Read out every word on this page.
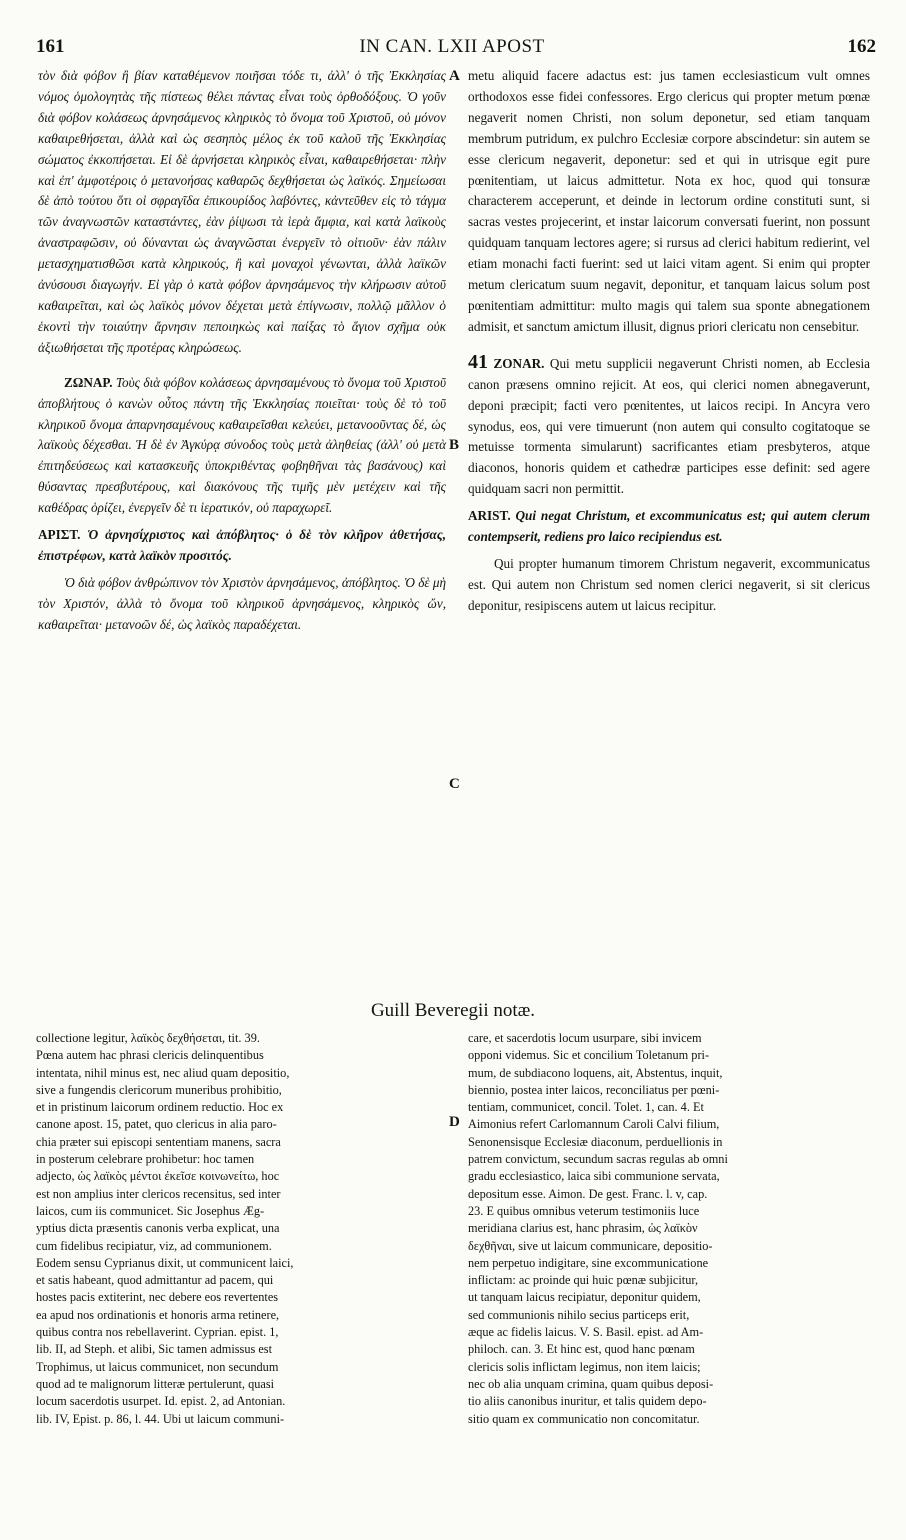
161	IN CAN. LXII APOST	162

τὸν διὰ φόβον ἢ βίαν καταθέμενον ποιῆσαι τόδε τι, ἀλλ' ὁ τῆς Ἐκκλησίας νόμος ὁμολογητὰς τῆς πίστεως θέλει πάντας εἶναι τοὺς ὀρθοδόξους. Ὁ γοῦν διὰ φόβον κολάσεως ἀρνησάμενος κληρικὸς τὸ ὄνομα τοῦ Χριστοῦ, οὐ μόνον καθαιρεθήσεται, ἀλλὰ καὶ ὡς σεσηπὸς μέλος ἐκ τοῦ καλοῦ τῆς Ἐκκλησίας σώματος ἐκκοπήσεται. Εἰ δὲ ἀρνήσεται κληρικὸς εἶναι, καθαιρεθήσεται· πλὴν καὶ ἐπ' ἀμφοτέροις ὁ μετανοήσας καθαρῶς δεχθήσεται ὡς λαϊκός. Σημείωσαι δὲ ἀπὸ τούτου ὅτι οἱ σφραγῖδα ἐπικουρίδος λαβόντες, κἀντεῦθεν εἰς τὸ τάγμα τῶν ἀναγνωστῶν καταστάντες, ἐὰν ῥίψωσι τὰ ἱερὰ ἄμφια, καὶ κατὰ λαϊκοὺς ἀναστραφῶσιν, οὐ δύνανται ὡς ἀναγνῶσται ἐνεργεῖν τὸ οἱτιοῦν· ἐὰν πάλιν μετασχηματισθῶσι κατὰ κληρικούς, ἢ καὶ μοναχοὶ γένωνται, ἀλλὰ λαϊκῶν ἀνύσουσι διαγωγήν. Εἰ γὰρ ὁ κατὰ φόβον ἀρνησάμενος τὴν κλήρωσιν αὐτοῦ καθαιρεῖται, καὶ ὡς λαϊκὸς μόνον δέχεται μετὰ ἐπίγνωσιν, πολλῷ μᾶλλον ὁ ἑκοντὶ τὴν τοιαύτην ἄρνησιν πεποιηκὼς καὶ παίξας τὸ ἅγιον σχῆμα οὐκ ἀξιωθήσεται τῆς προτέρας κληρώσεως.

ΖΩΝΑΡ. Τοὺς διὰ φόβον κολάσεως ἀρνησαμένους τὸ ὄνομα τοῦ Χριστοῦ ἀποβλήτους ὁ κανὼν οὗτος πάντη τῆς Ἐκκλησίας ποιεῖται· τοὺς δὲ τὸ τοῦ κληρικοῦ ὄνομα ἀπαρνησαμένους καθαιρεῖσθαι κελεύει, μετανοοῦντας δέ, ὡς λαϊκοὺς δέχεσθαι. Ἡ δὲ ἐν Ἀγκύρᾳ σύνοδος τοὺς μετὰ ἀληθείας (ἀλλ' οὐ μετὰ ἐπιτηδεύσεως καὶ κατασκευῆς ὑποκριθέντας φοβηθῆναι τὰς βασάνους) καὶ θύσαντας πρεσβυτέρους, καὶ διακόνους τῆς τιμῆς μὲν μετέχειν καὶ τῆς καθέδρας ὁρίζει, ἐνεργεῖν δὲ τι ἱερατικόν, οὐ παραχωρεῖ.

ΑΡΙΣΤ. Ὁ ἀρνησίχριστος καὶ ἀπόβλητος· ὁ δὲ τὸν κλῆρον ἀθετήσας, ἐπιστρέφων, κατὰ λαϊκὸν προσιτός.

Ὁ διὰ φόβον ἀνθρώπινον τὸν Χριστὸν ἀρνησάμενος, ἀπόβλητος. Ὁ δὲ μὴ τὸν Χριστόν, ἀλλὰ τὸ ὄνομα τοῦ κληρικοῦ ἀρνησάμενος, κληρικὸς ὤν, καθαιρεῖται· μετανοῶν δέ, ὡς λαϊκὸς παραδέχεται.

A
B
C
D

metu aliquid facere adactus est: jus tamen ecclesiasticum vult omnes orthodoxos esse fidei confessores. Ergo clericus qui propter metum pœnæ negaverit nomen Christi, non solum deponetur, sed etiam tanquam membrum putridum, ex pulchro Ecclesiæ corpore abscindetur: sin autem se esse clericum negaverit, deponetur: sed et qui in utrisque egit pure pœnitentiam, ut laicus admittetur. Nota ex hoc, quod qui tonsuræ characterem acceperunt, et deinde in lectorum ordine constituti sunt, si sacras vestes projecerint, et instar laicorum conversati fuerint, non possunt quidquam tanquam lectores agere; si rursus ad clerici habitum redierint, vel etiam monachi facti fuerint: sed ut laici vitam agent. Si enim qui propter metum clericatum suum negavit, deponitur, et tanquam laicus solum post pœnitentiam admittitur: multo magis qui talem sua sponte abnegationem admisit, et sanctum amictum illusit, dignus priori clericatu non censebitur.

41 ZONAR. Qui metu supplicii negaverunt Christi nomen, ab Ecclesia canon præsens omnino rejicit. At eos, qui clerici nomen abnegaverunt, deponi præcipit; facti vero pœnitentes, ut laicos recipi. In Ancyra vero synodus, eos, qui vere timuerunt (non autem qui consulto cogitatoque se metuisse tormenta simularunt) sacrificantes etiam presbyteros, atque diaconos, honoris quidem et cathedræ participes esse definit: sed agere quidquam sacri non permittit.

ARIST. Qui negat Christum, et excommunicatus est; qui autem clerum contempserit, rediens pro laico recipiendus est.

Qui propter humanum timorem Christum negaverit, excommunicatus est. Qui autem non Christum sed nomen clerici negaverit, si sit clericus deponitur, resipiscens autem ut laicus recipitur.

Guill Beveregii notæ.
collectione legitur, λαϊκὸς δεχθήσεται, tit. 39.
Pœna autem hac phrasi clericis delinquentibus
intentata, nihil minus est, nec aliud quam depositio,
sive a fungendis clericorum muneribus prohibitio,
et in pristinum laicorum ordinem reductio. Hoc ex
canone apost. 15, patet, quo clericus in alia paro-
chia præter sui episcopi sententiam manens, sacra
in posterum celebrare prohibetur: hoc tamen
adjecto, ὡς λαϊκὸς μέντοι ἐκεῖσε κοινωνείτω, hoc
est non amplius inter clericos recensitus, sed inter
laicos, cum iis communicet. Sic Josephus Æg-
yptius dicta præsentis canonis verba explicat, una
cum fidelibus recipiatur, viz, ad communionem.
Eodem sensu Cyprianus dixit, ut communicent laici,
et satis habeant, quod admittantur ad pacem, qui
hostes pacis extiterint, nec debere eos revertentes
ea apud nos ordinationis et honoris arma retinere,
quibus contra nos rebellaverint. Cyprian. epist. 1,
lib. II, ad Steph. et alibi, Sic tamen admissus est
Trophimus, ut laicus communicet, non secundum
quod ad te malignorum litteræ pertulerunt, quasi
locum sacerdotis usurpet. Id. epist. 2, ad Antonian.
lib. IV, Epist. p. 86, l. 44. Ubi ut laicum communi-
care, et sacerdotis locum usurpare, sibi invicem
opponi videmus. Sic et concilium Toletanum pri-
mum, de subdiacono loquens, ait, Abstentus, inquit,
biennio, postea inter laicos, reconciliatus per pœni-
tentiam, communicet, concil. Tolet. 1, can. 4. Et
Aimonius refert Carlomannum Caroli Calvi filium,
Senonensisque Ecclesiæ diaconum, perduellionis in
patrem convictum, secundum sacras regulas ab omni
gradu ecclesiastico, laica sibi communione servata,
depositum esse. Aimon. De gest. Franc. l. v, cap.
23. E quibus omnibus veterum testimoniis luce
meridiana clarius est, hanc phrasim, ὡς λαϊκὸν
δεχθῆναι, sive ut laicum communicare, depositio-
nem perpetuo indigitare, sine excommunicatione
inflictam: ac proinde qui huic pœnæ subjicitur,
ut tanquam laicus recipiatur, deponitur quidem,
sed communionis nihilo secius particeps erit,
æque ac fidelis laicus. V. S. Basil. epist. ad Am-
philoch. can. 3. Et hinc est, quod hanc pœnam
clericis solis inflictam legimus, non item laicis;
nec ob alia unquam crimina, quam quibus deposi-
tio aliis canonibus inuritur, et talis quidem depo-
sitio quam ex communicatio non concomitatur.
